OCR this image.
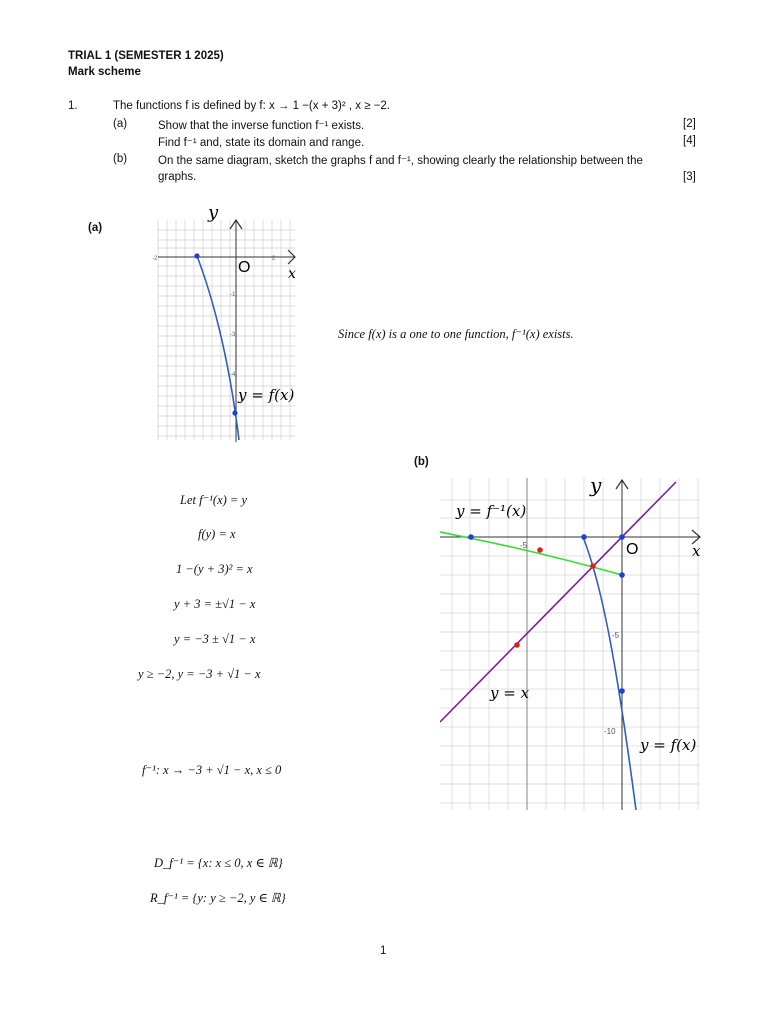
TRIAL 1 (SEMESTER 1 2025)
Mark scheme
1.	The functions f is defined by f: x → 1 −(x + 3)² , x ≥ −2.
(a)	Show that the inverse function f⁻¹ exists.	[2]
Find f⁻¹ and, state its domain and range.	[4]
(b)	On the same diagram, sketch the graphs f and f⁻¹, showing clearly the relationship between the
graphs.	[3]
(a)
y
x
O
-2	2
-1
-3
-4
y = f(x)
Since f(x) is a one to one function, f⁻¹(x) exists.
Let f⁻¹(x) = y
f(y) = x
1 −(y + 3)² = x
y + 3 = ±√1 − x
y = −3 ± √1 − x
y ≥ −2, y = −3 + √1 − x
f⁻¹: x → −3 + √1 − x, x ≤ 0
D_f⁻¹ = {x: x ≤ 0, x ∈ ℝ}
R_f⁻¹ = {y: y ≥ −2, y ∈ ℝ}
(b)
y
x
O
-5
-5
-10
y = f⁻¹(x)
y = x
y = f(x)
1
